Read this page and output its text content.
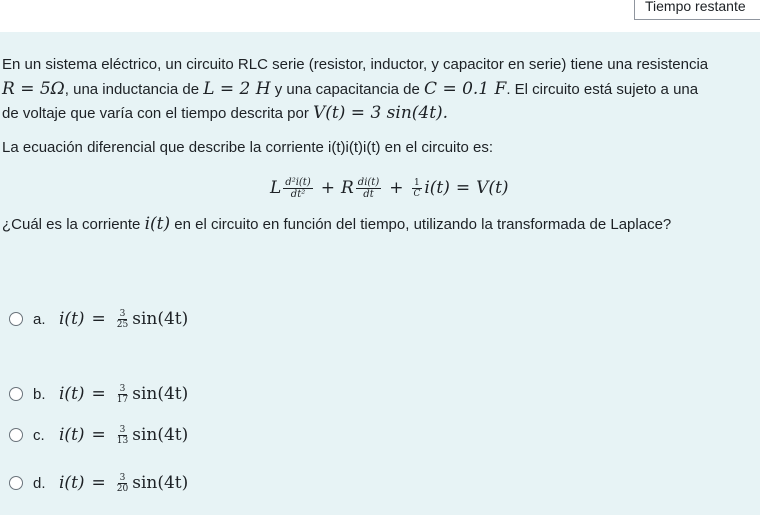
Tiempo restante
En un sistema eléctrico, un circuito RLC serie (resistor, inductor, y capacitor en serie) tiene una resistencia
R = 5Ω, una inductancia de L = 2 H y una capacitancia de C = 0.1 F. El circuito está sujeto a una
de voltaje que varía con el tiempo descrita por V(t) = 3 sin(4t).
La ecuación diferencial que describe la corriente i(t)i(t)i(t) en el circuito es:
L $\frac{\text{d²i(t)}}{\text{dt²}} + R \frac{di(t)}{dt} + \frac{1}{C} i(t) = V(t)$
¿Cuál es la corriente i(t) en el circuito en función del tiempo, utilizando la transformada de Laplace?
a. $i(t) = \frac{3}{25} \sin(4t)$
b. $i(t) = \frac{3}{17} \sin(4t)$
c. $i(t) = \frac{3}{13} \sin(4t)$
d. $i(t) = \frac{3}{20} \sin(4t)$
